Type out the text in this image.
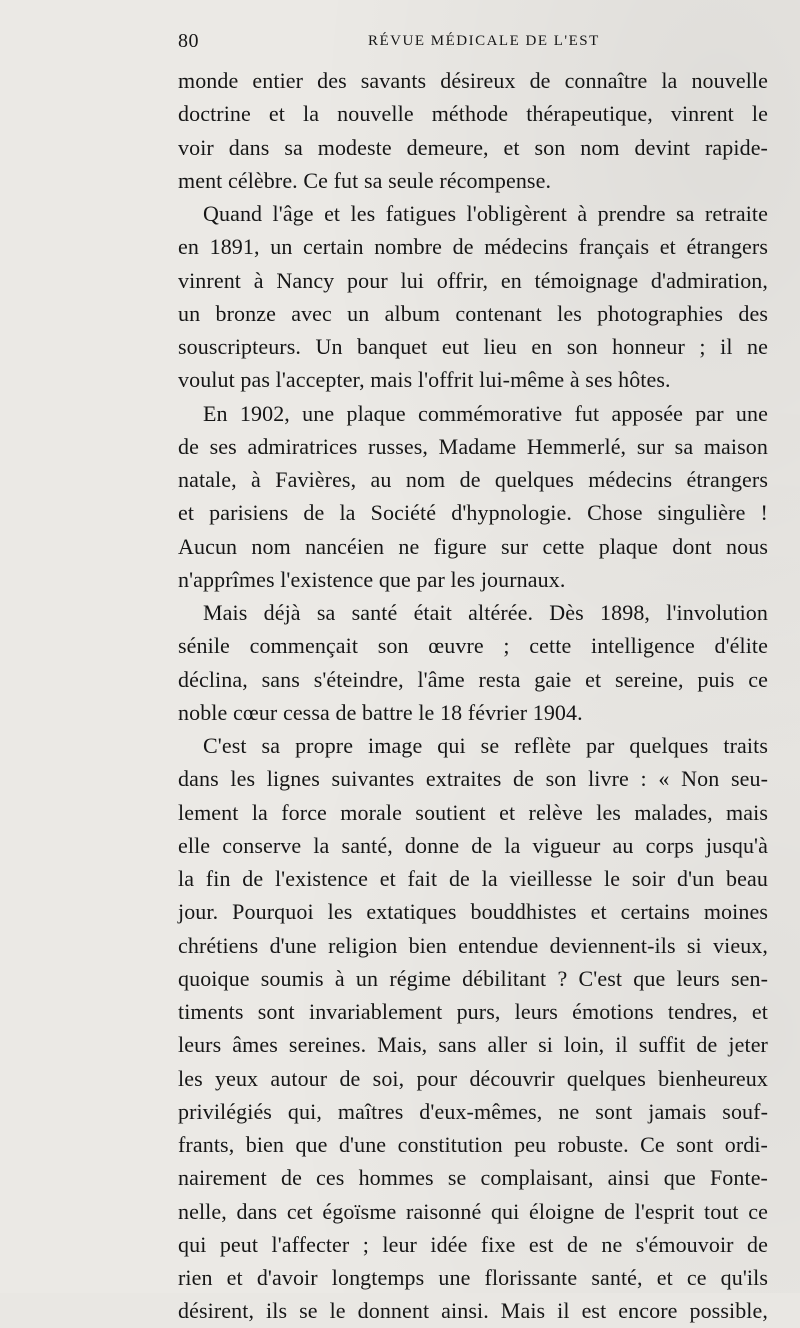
80	RÉVUE MÉDICALE DE L'EST
monde entier des savants désireux de connaître la nouvelle
doctrine et la nouvelle méthode thérapeutique, vinrent le
voir dans sa modeste demeure, et son nom devint rapide-
ment célèbre. Ce fut sa seule récompense.
Quand l'âge et les fatigues l'obligèrent à prendre sa retraite
en 1891, un certain nombre de médecins français et étrangers
vinrent à Nancy pour lui offrir, en témoignage d'admiration,
un bronze avec un album contenant les photographies des
souscripteurs. Un banquet eut lieu en son honneur ; il ne
voulut pas l'accepter, mais l'offrit lui-même à ses hôtes.
En 1902, une plaque commémorative fut apposée par une
de ses admiratrices russes, Madame Hemmerlé, sur sa maison
natale, à Favières, au nom de quelques médecins étrangers
et parisiens de la Société d'hypnologie. Chose singulière !
Aucun nom nancéien ne figure sur cette plaque dont nous
n'apprîmes l'existence que par les journaux.
Mais déjà sa santé était altérée. Dès 1898, l'involution
sénile commençait son œuvre ; cette intelligence d'élite
déclina, sans s'éteindre, l'âme resta gaie et sereine, puis ce
noble cœur cessa de battre le 18 février 1904.
C'est sa propre image qui se reflète par quelques traits
dans les lignes suivantes extraites de son livre : « Non seu-
lement la force morale soutient et relève les malades, mais
elle conserve la santé, donne de la vigueur au corps jusqu'à
la fin de l'existence et fait de la vieillesse le soir d'un beau
jour. Pourquoi les extatiques bouddhistes et certains moines
chrétiens d'une religion bien entendue deviennent-ils si vieux,
quoique soumis à un régime débilitant ? C'est que leurs sen-
timents sont invariablement purs, leurs émotions tendres, et
leurs âmes sereines. Mais, sans aller si loin, il suffit de jeter
les yeux autour de soi, pour découvrir quelques bienheureux
privilégiés qui, maîtres d'eux-mêmes, ne sont jamais souf-
frants, bien que d'une constitution peu robuste. Ce sont ordi-
nairement de ces hommes se complaisant, ainsi que Fonte-
nelle, dans cet égoïsme raisonné qui éloigne de l'esprit tout ce
qui peut l'affecter ; leur idée fixe est de ne s'émouvoir de
rien et d'avoir longtemps une florissante santé, et ce qu'ils
désirent, ils se le donnent ainsi. Mais il est encore possible,
